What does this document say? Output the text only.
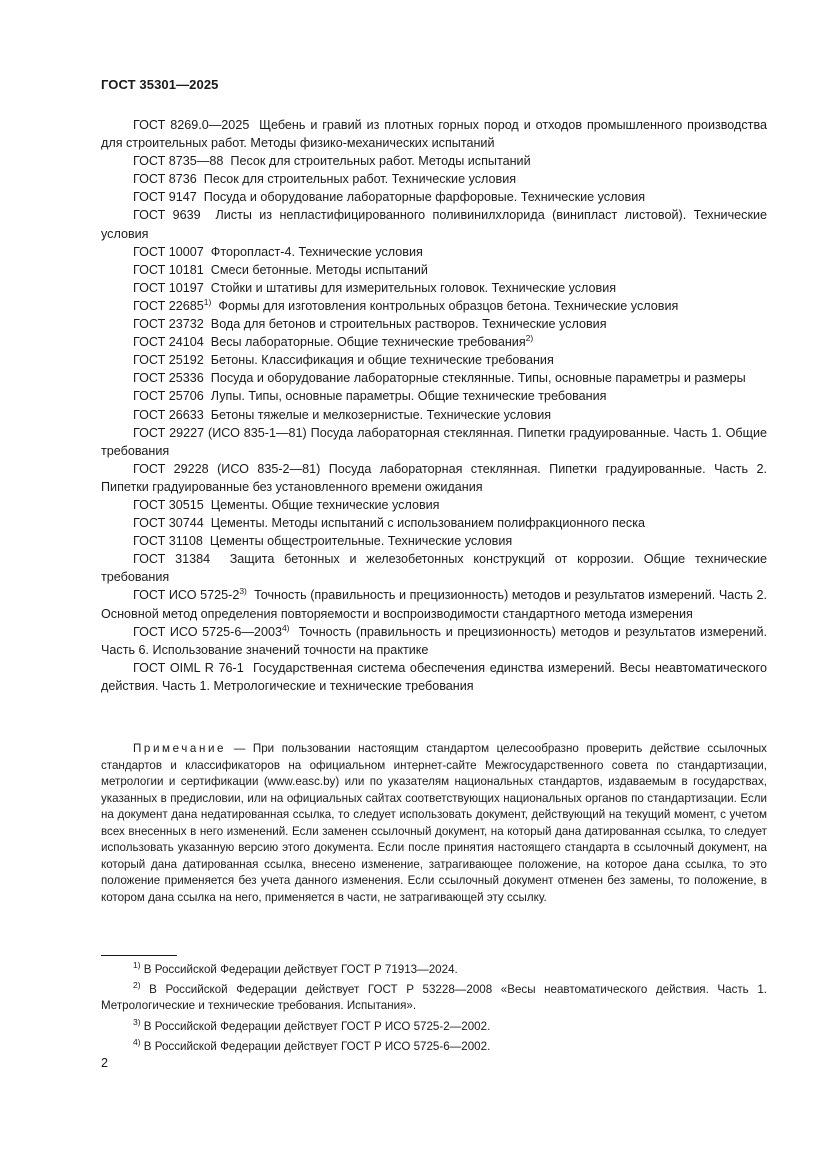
ГОСТ 35301—2025

ГОСТ 8269.0—2025 Щебень и гравий из плотных горных пород и отходов промышленного производства для строительных работ. Методы физико-механических испытаний

ГОСТ 8735—88 Песок для строительных работ. Методы испытаний

ГОСТ 8736 Песок для строительных работ. Технические условия

ГОСТ 9147 Посуда и оборудование лабораторные фарфоровые. Технические условия

ГОСТ 9639 Листы из непластифицированного поливинилхлорида (винипласт листовой). Технические условия

ГОСТ 10007 Фторопласт-4. Технические условия

ГОСТ 10181 Смеси бетонные. Методы испытаний

ГОСТ 10197 Стойки и штативы для измерительных головок. Технические условия

ГОСТ 22685$^{1)}$ Формы для изготовления контрольных образцов бетона. Технические условия

ГОСТ 23732 Вода для бетонов и строительных растворов. Технические условия

ГОСТ 24104 Весы лабораторные. Общие технические требования$^{2)}$

ГОСТ 25192 Бетоны. Классификация и общие технические требования

ГОСТ 25336 Посуда и оборудование лабораторные стеклянные. Типы, основные параметры и размеры

ГОСТ 25706 Лупы. Типы, основные параметры. Общие технические требования

ГОСТ 26633 Бетоны тяжелые и мелкозернистые. Технические условия

ГОСТ 29227 (ИСО 835-1—81) Посуда лабораторная стеклянная. Пипетки градуированные. Часть 1. Общие требования

ГОСТ 29228 (ИСО 835-2—81) Посуда лабораторная стеклянная. Пипетки градуированные. Часть 2. Пипетки градуированные без установленного времени ожидания

ГОСТ 30515 Цементы. Общие технические условия

ГОСТ 30744 Цементы. Методы испытаний с использованием полифракционного песка

ГОСТ 31108 Цементы общестроительные. Технические условия

ГОСТ 31384 Защита бетонных и железобетонных конструкций от коррозии. Общие технические требования

ГОСТ ИСО 5725-2$^{3)}$ Точность (правильность и прецизионность) методов и результатов измерений. Часть 2. Основной метод определения повторяемости и воспроизводимости стандартного метода измерения

ГОСТ ИСО 5725-6—2003$^{4)}$ Точность (правильность и прецизионность) методов и результатов измерений. Часть 6. Использование значений точности на практике

ГОСТ OIML R 76-1 Государственная система обеспечения единства измерений. Весы неавтоматического действия. Часть 1. Метрологические и технические требования

Примечание — При пользовании настоящим стандартом целесообразно проверить действие ссылочных стандартов и классификаторов на официальном интернет-сайте Межгосударственного совета по стандартизации, метрологии и сертификации (www.easc.by) или по указателям национальных стандартов, издаваемым в государствах, указанных в предисловии, или на официальных сайтах соответствующих национальных органов по стандартизации. Если на документ дана недатированная ссылка, то следует использовать документ, действующий на текущий момент, с учетом всех внесенных в него изменений. Если заменен ссылочный документ, на который дана датированная ссылка, то следует использовать указанную версию этого документа. Если после принятия настоящего стандарта в ссылочный документ, на который дана датированная ссылка, внесено изменение, затрагивающее положение, на которое дана ссылка, то это положение применяется без учета данного изменения. Если ссылочный документ отменен без замены, то положение, в котором дана ссылка на него, применяется в части, не затрагивающей эту ссылку.

$^{1)}$ В Российской Федерации действует ГОСТ Р 71913—2024.

$^{2)}$ В Российской Федерации действует ГОСТ Р 53228—2008 «Весы неавтоматического действия. Часть 1. Метрологические и технические требования. Испытания».

$^{3)}$ В Российской Федерации действует ГОСТ Р ИСО 5725-2—2002.

$^{4)}$ В Российской Федерации действует ГОСТ Р ИСО 5725-6—2002.

2
